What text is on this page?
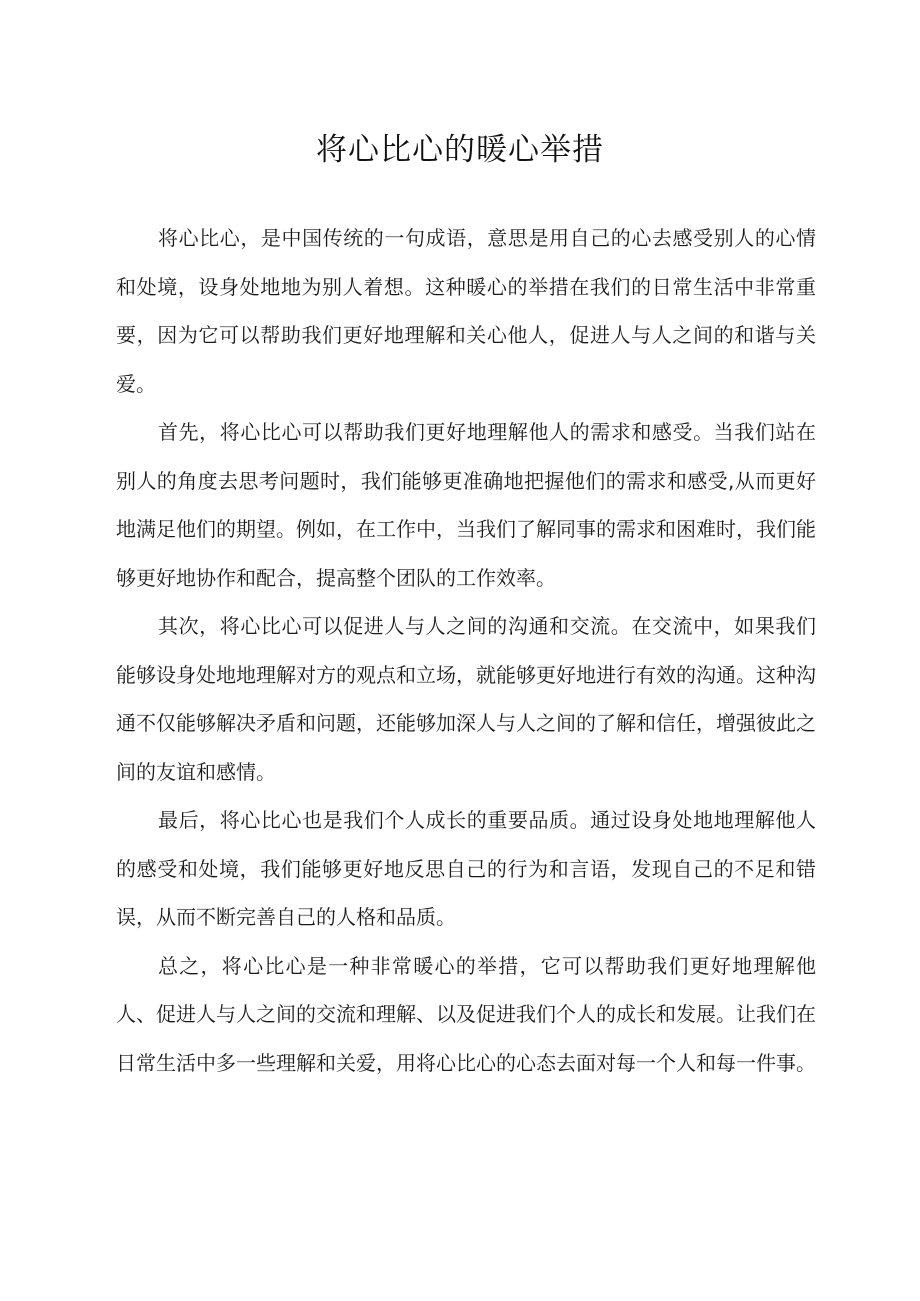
将心比心的暖心举措

将心比心，是中国传统的一句成语，意思是用自己的心去感受别人的心情和处境，设身处地地为别人着想。这种暖心的举措在我们的日常生活中非常重要，因为它可以帮助我们更好地理解和关心他人，促进人与人之间的和谐与关爱。

首先，将心比心可以帮助我们更好地理解他人的需求和感受。当我们站在别人的角度去思考问题时，我们能够更准确地把握他们的需求和感受,从而更好地满足他们的期望。例如，在工作中，当我们了解同事的需求和困难时，我们能够更好地协作和配合，提高整个团队的工作效率。

其次，将心比心可以促进人与人之间的沟通和交流。在交流中，如果我们能够设身处地地理解对方的观点和立场，就能够更好地进行有效的沟通。这种沟通不仅能够解决矛盾和问题，还能够加深人与人之间的了解和信任，增强彼此之间的友谊和感情。

最后，将心比心也是我们个人成长的重要品质。通过设身处地地理解他人的感受和处境，我们能够更好地反思自己的行为和言语，发现自己的不足和错误，从而不断完善自己的人格和品质。

总之，将心比心是一种非常暖心的举措，它可以帮助我们更好地理解他人、促进人与人之间的交流和理解、以及促进我们个人的成长和发展。让我们在日常生活中多一些理解和关爱，用将心比心的心态去面对每一个人和每一件事。
